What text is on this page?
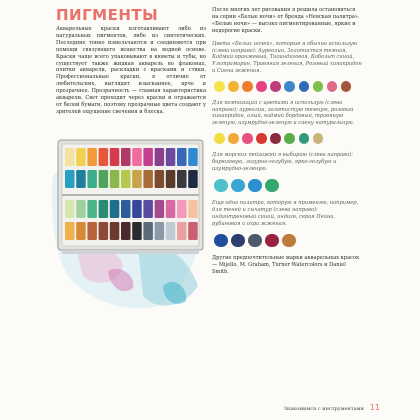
ПИГМЕНТЫ

Акварельные краски изготавливают либо из натуральных пигментов, либо из синтетических. Последние тонко измельчаются и соединяются при помощи связующего вещества на водной основе. Краски чаще всего упаковывают в кюветы и тубы, но существует также жидкая акварель во флаконах, плитки акварели, раскладки с красками и стики. Профессиональные краски, в отличие от любительских, выглядят изысканнее, ярче и прозрачнее. Прозрачность — главная характеристика акварели. Свет проходит через краски и отражается от белой бумаги, поэтому прозрачные цвета создают у зрителей ощущение свечения и блеска.

После многих лет рисования я решила остановиться на серии «Белые ночи» от бренда «Невская палитра». «Белые ночи» — высоко пигментированные, яркие и недорогие краски.

Цвета «Белых ночей», которые я обычно использую (слева направо): Ауреолин, Золотистая темная, Кадмий оранжевый, Тиоиндиговая, Кобальт синий, Ультрамарин, Травяная зеленая, Розовый хинакридон и Сиена жженая.

Для композиций с цветами я использую (слева направо): ауреолин, золотистую темную, розовый хинакридон, алый, кадмий бордовый, травяную зеленую, изумрудно-зеленую и сиену натуральную.

Для морских пейзажей я выбираю (слева направо): бирюзовую, лазурно-голубую, ярко-голубую и изумрудно-зеленую.

Еще одна палитра, которую я применяю, например, для теней и сычатур (слева направо): индантреновый синий, индиго, серая Пейна, рубиновая и охра жженая.

Другие предпочтительные марки акварельных красок — Mijello, M. Graham, Turner Watercolors и Daniel Smith.

Знакомимся с инструментами 11
